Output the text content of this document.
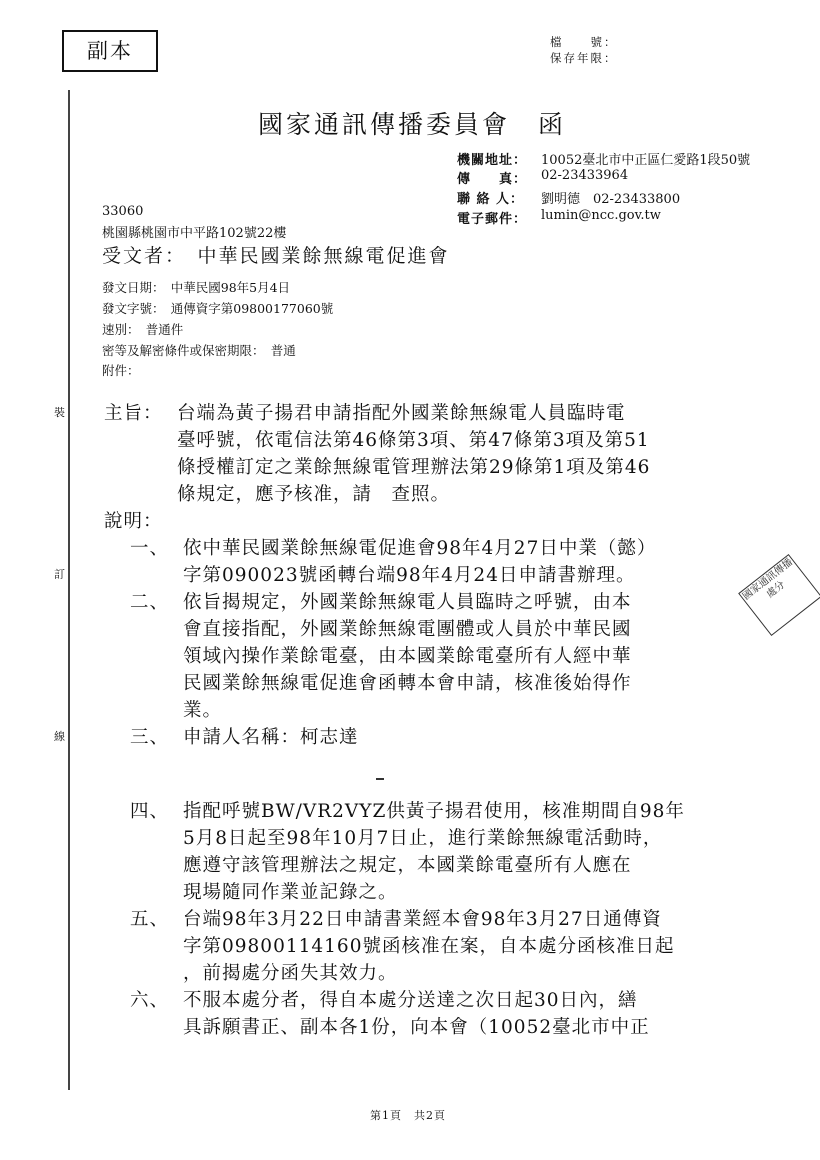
裝
訂
線
副本	檔　　號：
保存年限：
國家通訊傳播委員會　函
機關地址： 10052臺北市中正區仁愛路1段50號
傳　　真： 02-23433964
聯 絡 人： 劉明德　02-23433800
電子郵件： lumin@ncc.gov.tw
33060
桃園縣桃園市中平路102號22樓
受文者：　中華民國業餘無線電促進會
發文日期：　中華民國98年5月4日
發文字號：　通傳資字第09800177060號
速別：　普通件
密等及解密條件或保密期限：　普通
附件：
主旨： 台端為黃子揚君申請指配外國業餘無線電人員臨時電
臺呼號，依電信法第46條第3項、第47條第3項及第51
條授權訂定之業餘無線電管理辦法第29條第1項及第46
條規定，應予核准，請　查照。
說明：
一、 依中華民國業餘無線電促進會98年4月27日中業（懿）
字第090023號函轉台端98年4月24日申請書辦理。
二、 依旨揭規定，外國業餘無線電人員臨時之呼號，由本
會直接指配，外國業餘無線電團體或人員於中華民國
領域內操作業餘電臺，由本國業餘電臺所有人經中華
民國業餘無線電促進會函轉本會申請，核准後始得作
業。
三、 申請人名稱：柯志達
四、 指配呼號BW/VR2VYZ供黃子揚君使用，核准期間自98年
5月8日起至98年10月7日止，進行業餘無線電活動時，
應遵守該管理辦法之規定，本國業餘電臺所有人應在
現場隨同作業並記錄之。
五、 台端98年3月22日申請書業經本會98年3月27日通傳資
字第09800114160號函核准在案，自本處分函核准日起
，前揭處分函失其效力。
六、 不服本處分者，得自本處分送達之次日起30日內，繕
具訴願書正、副本各1份，向本會（10052臺北市中正
國家通訊傳播 處分
第1頁　共2頁
